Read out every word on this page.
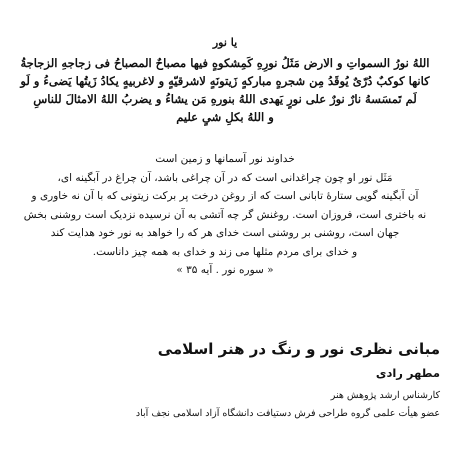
یا نور
اللهُ نورُ السمواتِ و الارض مَثَلُ نورِهِ کَمِشکوهٍ فیها مصباحٌ المصباحُ فی زجاجهِ الزجاجةُ
کانها کوکبٌ دُرّیٌ یُوقَدُ مِن شجرهٍ مبارکهٍ زَیتونَهٍ لاشرقیّهٍ و لاغربیهٍ یکادُ زَیتُها یَضیءُ و لَو
لَم تَمسَسهُ نارٌ نورٌ علی نورٍ یَهدی اللهُ بنورهِ مَن یشاءُ و یضربُ اللهُ الامثالَ للناسِ
و اللهُ بکلِ شیٍ علیم
خداوند نور آسمانها و زمین است
مَثَل نور او چون چراغدانی است که در آن چراغی باشد، آن چراغ در آبگینه ای،
آن آبگینه گویی ستارهٔ تابانی است که از روغن درخت پر برکت زیتونی که با آن نه خاوری و
نه باختری است، فروزان است. روغنش گر چه آتشی به آن نرسیده نزدیک است روشنی بخش
جهان است، روشنی بر روشنی است خدای هر که را خواهد به نور خود هدایت کند
و خدای برای مردم مثلها می زند و خدای به همه چیز داناست.
« سوره نور . آیه ۳۵ »
مبانی نظری نور و رنگ در هنر اسلامی
مطهر رادی
کارشناس ارشد پژوهش هنر
عضو هیأت علمی گروه طراحی فرش دستیافت دانشگاه آزاد اسلامی نجف آباد
